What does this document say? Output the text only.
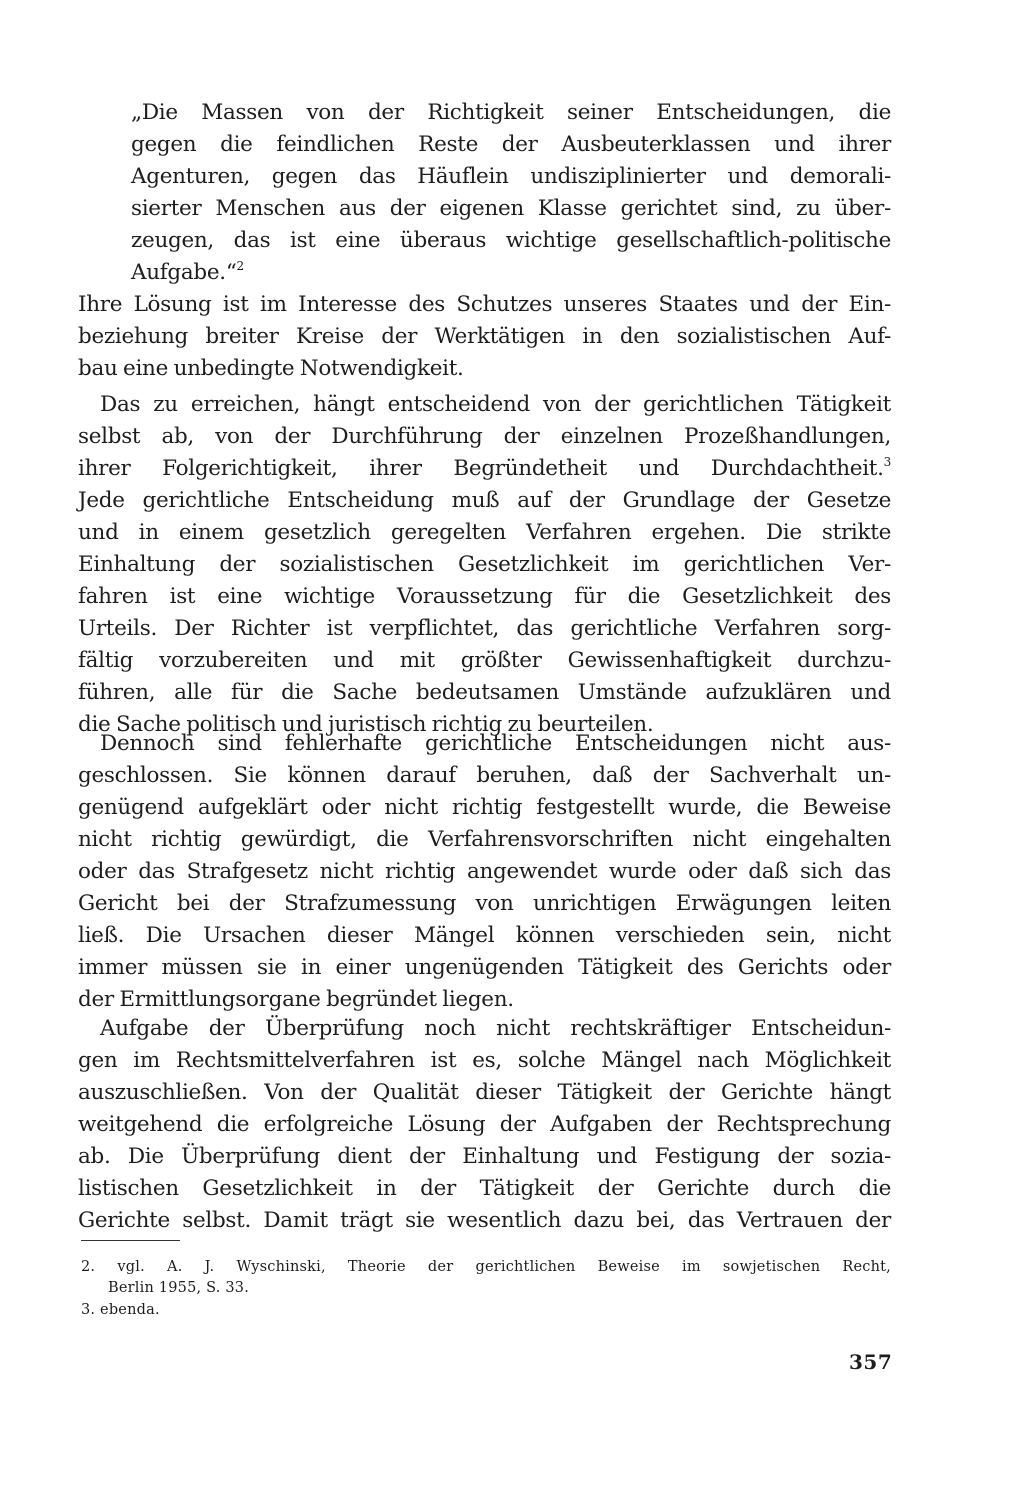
„Die Massen von der Richtigkeit seiner Entscheidungen, die
gegen die feindlichen Reste der Ausbeuterklassen und ihrer
Agenturen, gegen das Häuflein undisziplinierter und demorali-
sierter Menschen aus der eigenen Klasse gerichtet sind, zu über-
zeugen, das ist eine überaus wichtige gesellschaftlich-politische
Aufgabe.“$^2$
Ihre Lösung ist im Interesse des Schutzes unseres Staates und der Ein-
beziehung breiter Kreise der Werktätigen in den sozialistischen Auf-
bau eine unbedingte Notwendigkeit.
Das zu erreichen, hängt entscheidend von der gerichtlichen Tätigkeit
selbst ab, von der Durchführung der einzelnen Prozeßhandlungen,
ihrer Folgerichtigkeit, ihrer Begründetheit und Durchdachtheit.$^3$
Jede gerichtliche Entscheidung muß auf der Grundlage der Gesetze
und in einem gesetzlich geregelten Verfahren ergehen. Die strikte
Einhaltung der sozialistischen Gesetzlichkeit im gerichtlichen Ver-
fahren ist eine wichtige Voraussetzung für die Gesetzlichkeit des
Urteils. Der Richter ist verpflichtet, das gerichtliche Verfahren sorg-
fältig vorzubereiten und mit größter Gewissenhaftigkeit durchzu-
führen, alle für die Sache bedeutsamen Umstände aufzuklären und
die Sache politisch und juristisch richtig zu beurteilen.
Dennoch sind fehlerhafte gerichtliche Entscheidungen nicht aus-
geschlossen. Sie können darauf beruhen, daß der Sachverhalt un-
genügend aufgeklärt oder nicht richtig festgestellt wurde, die Beweise
nicht richtig gewürdigt, die Verfahrensvorschriften nicht eingehalten
oder das Strafgesetz nicht richtig angewendet wurde oder daß sich das
Gericht bei der Strafzumessung von unrichtigen Erwägungen leiten
ließ. Die Ursachen dieser Mängel können verschieden sein, nicht
immer müssen sie in einer ungenügenden Tätigkeit des Gerichts oder
der Ermittlungsorgane begründet liegen.
Aufgabe der Überprüfung noch nicht rechtskräftiger Entscheidun-
gen im Rechtsmittelverfahren ist es, solche Mängel nach Möglichkeit
auszuschließen. Von der Qualität dieser Tätigkeit der Gerichte hängt
weitgehend die erfolgreiche Lösung der Aufgaben der Rechtsprechung
ab. Die Überprüfung dient der Einhaltung und Festigung der sozia-
listischen Gesetzlichkeit in der Tätigkeit der Gerichte durch die
Gerichte selbst. Damit trägt sie wesentlich dazu bei, das Vertrauen der
2. vgl. A. J. Wyschinski, Theorie der gerichtlichen Beweise im sowjetischen Recht,
Berlin 1955, S. 33.
3. ebenda.
357
